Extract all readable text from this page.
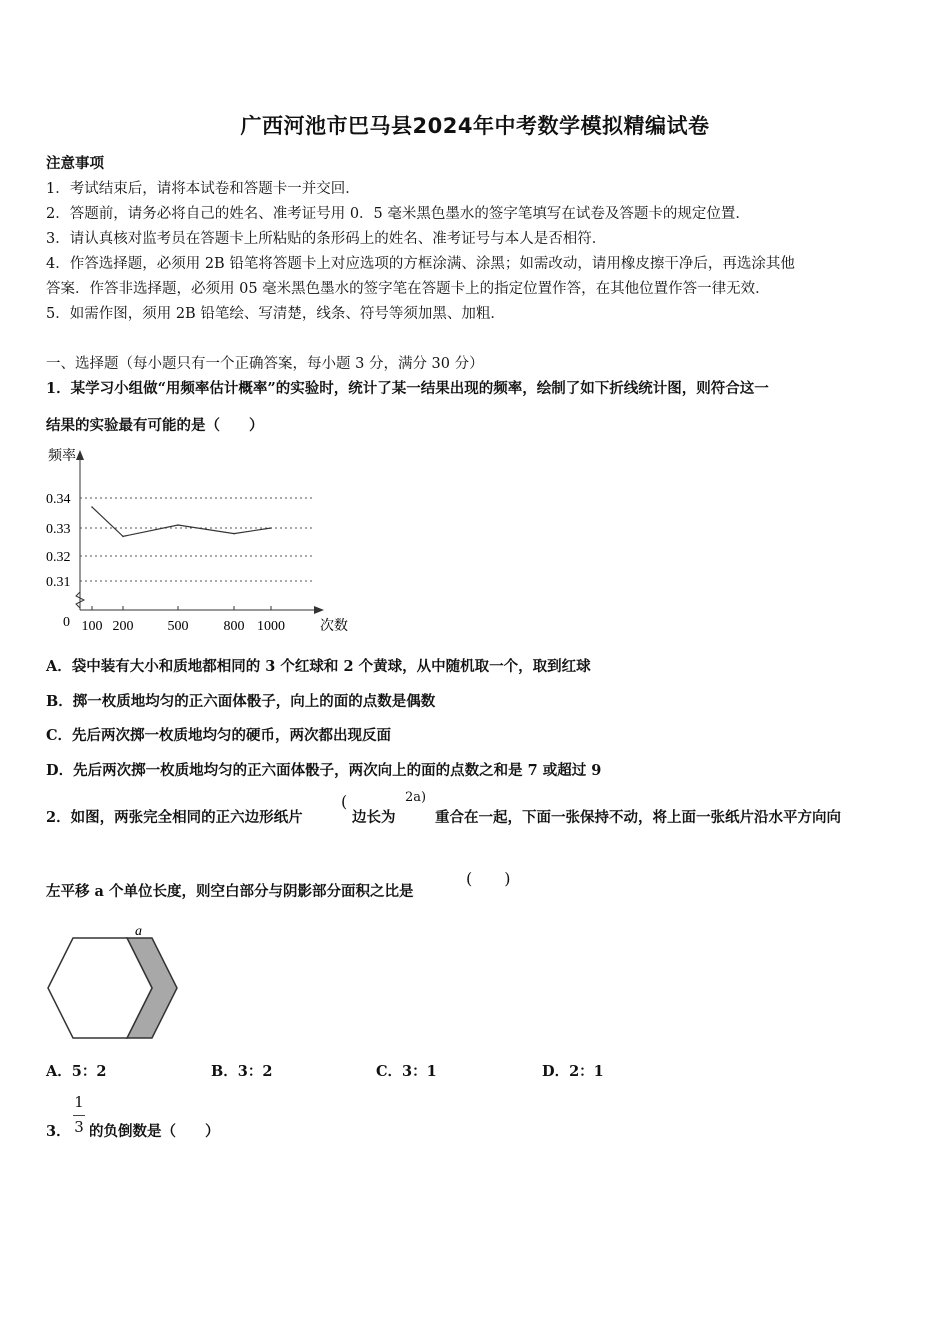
广西河池市巴马县2024年中考数学模拟精编试卷
注意事项
1．考试结束后，请将本试卷和答题卡一并交回．
2．答题前，请务必将自己的姓名、准考证号用 0．5 毫米黑色墨水的签字笔填写在试卷及答题卡的规定位置．
3．请认真核对监考员在答题卡上所粘贴的条形码上的姓名、准考证号与本人是否相符．
4．作答选择题，必须用 2B 铅笔将答题卡上对应选项的方框涂满、涂黑；如需改动，请用橡皮擦干净后，再选涂其他
答案．作答非选择题，必须用 05 毫米黑色墨水的签字笔在答题卡上的指定位置作答，在其他位置作答一律无效．
5．如需作图，须用 2B 铅笔绘、写清楚，线条、符号等须加黑、加粗．
一、选择题（每小题只有一个正确答案，每小题 3 分，满分 30 分）
1．某学习小组做“用频率估计概率”的实验时，统计了某一结果出现的频率，绘制了如下折线统计图，则符合这一
结果的实验最有可能的是（　　）
0.34
0.33
0.32
0.31
100 200 500	800 1000
频率
次数
0
A．袋中装有大小和质地都相同的 3 个红球和 2 个黄球，从中随机取一个，取到红球
B．掷一枚质地均匀的正六面体骰子，向上的面的点数是偶数
C．先后两次掷一枚质地均匀的硬币，两次都出现反面
D．先后两次掷一枚质地均匀的正六面体骰子，两次向上的面的点数之和是 7 或超过 9
2．如图，两张完全相同的正六边形纸片
(
边长为
2a)
重合在一起，下面一张保持不动，将上面一张纸片沿水平方向向
左平移 a 个单位长度，则空白部分与阴影部分面积之比是
(　　)
a
A．5：2	B．3：2	C．3：1	D．2：1
3．
1
3 的负倒数是（　　）
